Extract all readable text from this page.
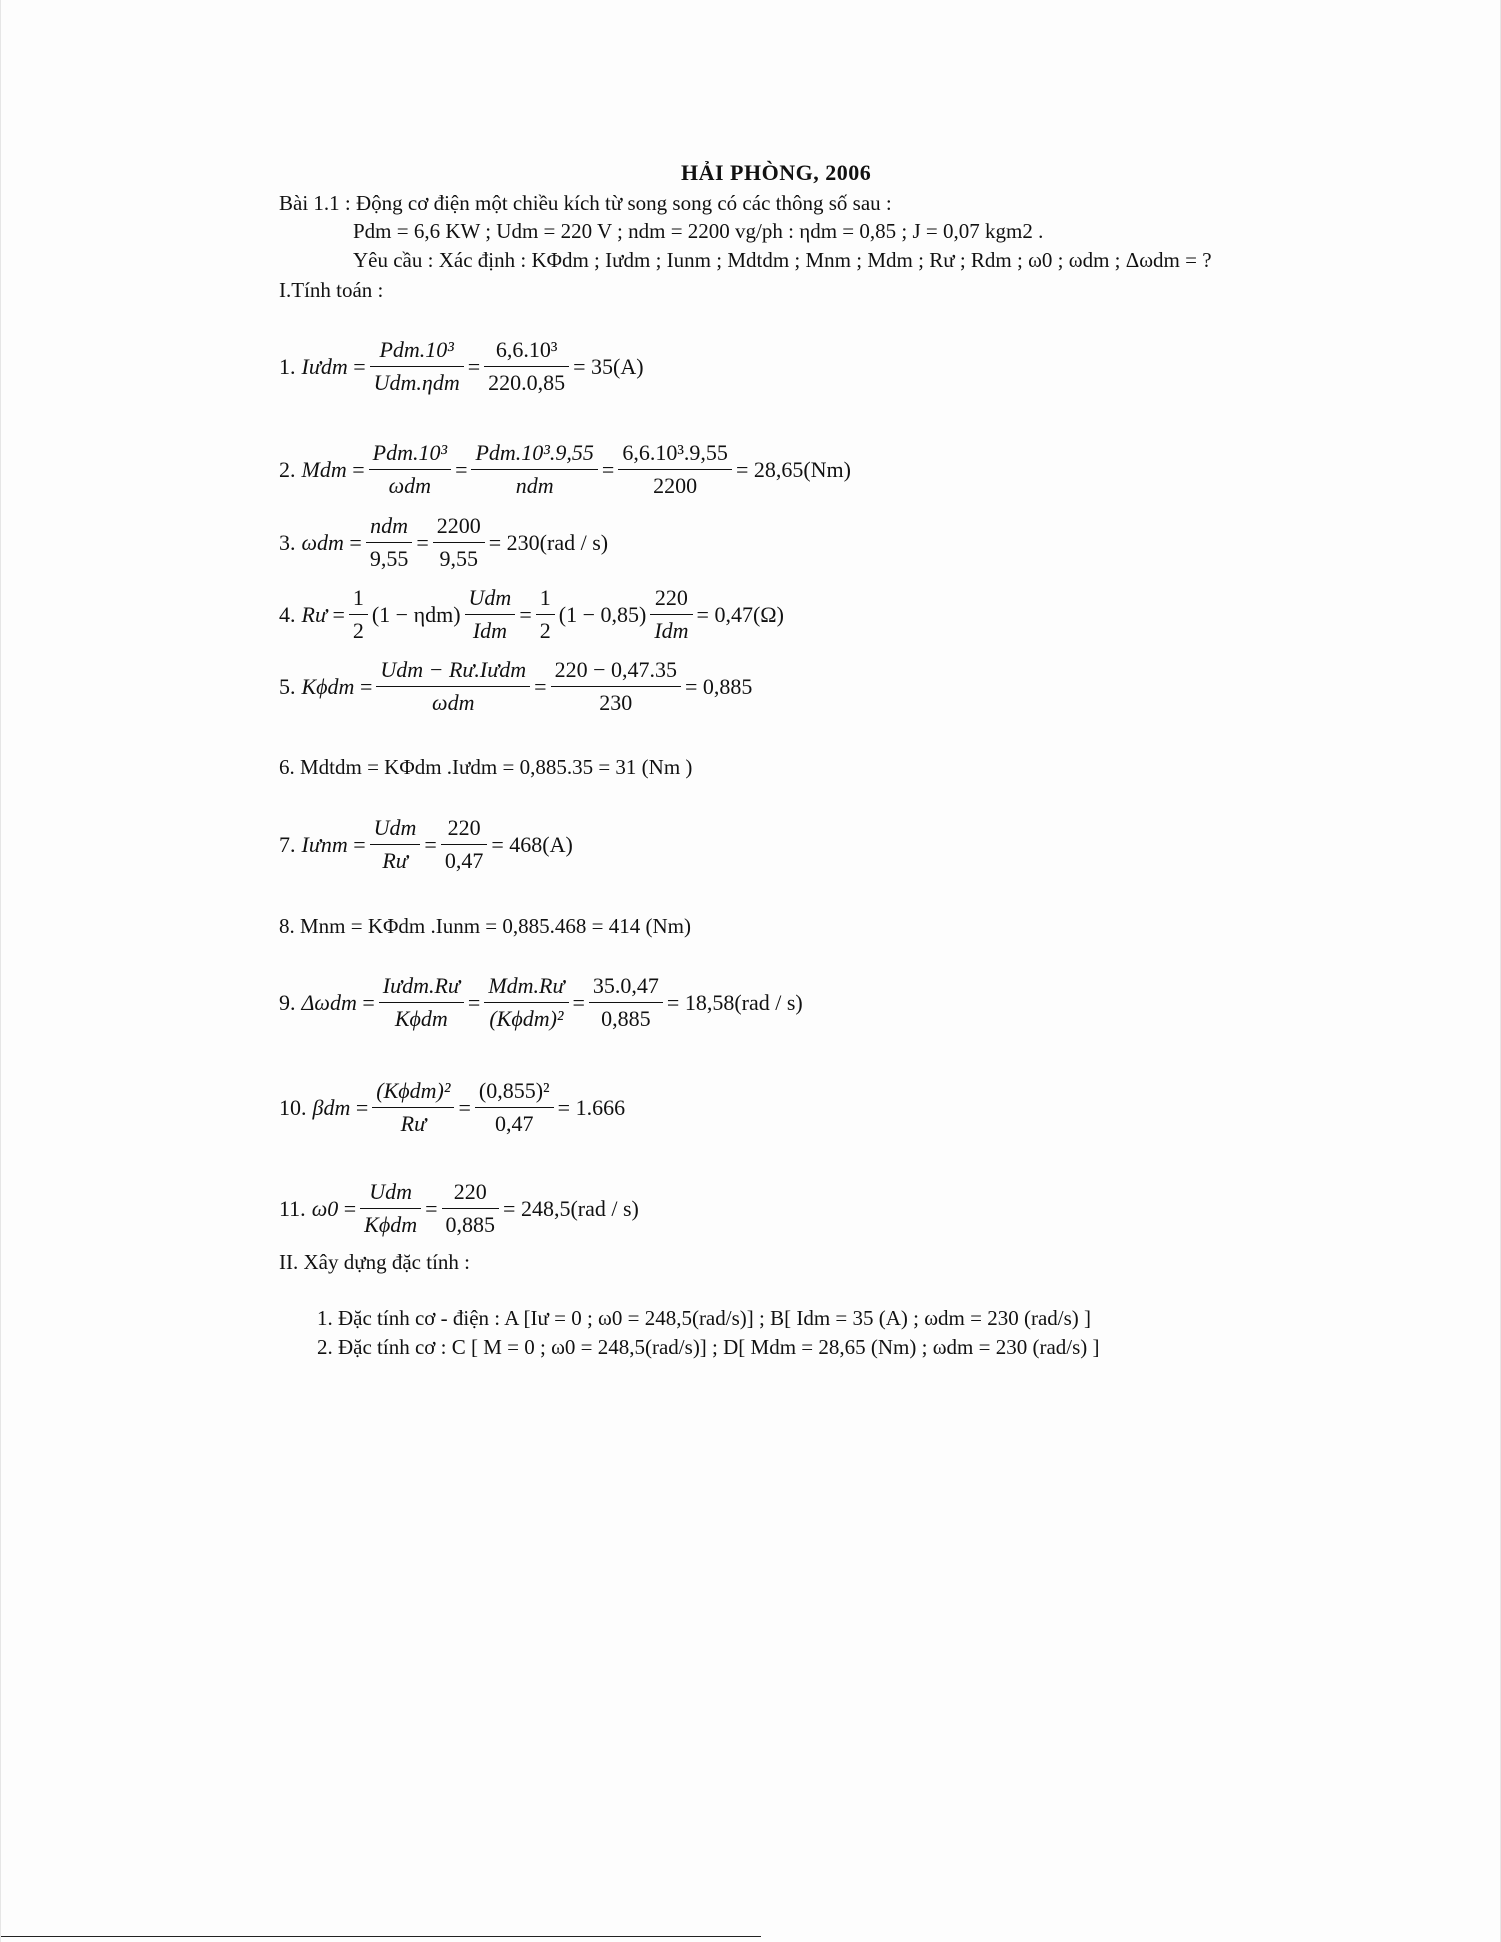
HẢI PHÒNG, 2006
Bài 1.1 : Động cơ điện một chiều kích từ song song có các thông số sau :
Pdm = 6,6 KW ; Udm = 220 V ; ndm = 2200 vg/ph : ηdm = 0,85 ; J = 0,07 kgm2 .
Yêu cầu : Xác định : KΦdm ; Iưdm ; Iunm ; Mdtdm ; Mnm ; Mdm ; Rư ; Rdm ; ω0 ; ωdm ; Δωdm = ?
I.Tính toán :
1. Iưdm = $\frac{\text{Pdm.10³}}{\text{Udm.ηdm}} = \frac{\text{6,6.10³}}{220.0,85} = 35(A)$
2. Mdm = $\frac{\text{Pdm.10³}}{\text{ωdm}} = \frac{\text{Pdm.10³.9,55}}{\text{ndm}} = \frac{\text{6,6.10³.9,55}}{2200} = 28,65(Nm)$
3. $\omega dm = \frac{\text{ndm}}{9,55} = \frac{2200}{9,55} = 230(rad / s)$
4. Rư = $\frac{1}{2} (1 - \eta dm) \frac{\text{Udm}}{\text{Idm}} = \frac{1}{2} (1 - 0,85) \frac{220}{\text{Idm}} = 0,47(\Omega)$
5. $K\phi dm = \frac{\text{Udm − Rư.Iưdm}}{\text{ωdm}} = \frac{220 - 0,47.35}{230} = 0,885$
6. Mdtdm = KΦdm .Iưdm = 0,885.35 = 31 (Nm )
7. Iưnm = $\frac{\text{Udm}}{Rư} = \frac{220}{0,47} = 468(A)$
8. Mnm = KΦdm .Iunm = 0,885.468 = 414 (Nm)
9. $\Delta\omega dm = \frac{\text{Iưdm.Rư}}{\text{Kϕdm}} = \frac{\text{Mdm.Rư}}{\text{(Kϕdm)²}} = \frac{35.0,47}{0,885} = 18,58(rad / s)$
10. $\beta dm = \frac{\text{(Kϕdm)²}}{Rư} = \frac{\text{(0,855)²}}{0,47} = 1.666$
11. $\omega 0 = \frac{\text{Udm}}{\text{Kϕdm}} = \frac{220}{0,885} = 248,5(rad / s)$
II. Xây dựng đặc tính :
1. Đặc tính cơ - điện : A [Iư = 0 ; ω0 = 248,5(rad/s)] ; B[ Idm = 35 (A) ; ωdm = 230 (rad/s) ]
2. Đặc tính cơ : C [ M = 0 ; ω0 = 248,5(rad/s)] ; D[ Mdm = 28,65 (Nm) ; ωdm = 230 (rad/s) ]
